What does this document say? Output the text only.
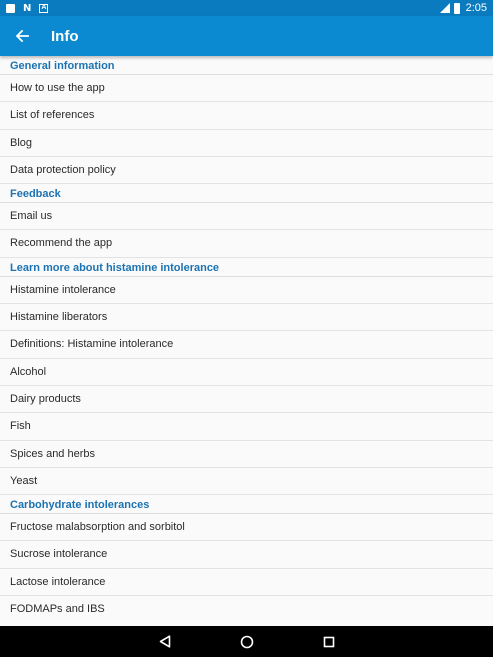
N A	2:05
Info
General information
How to use the app
List of references
Blog
Data protection policy
Feedback
Email us
Recommend the app
Learn more about histamine intolerance
Histamine intolerance
Histamine liberators
Definitions: Histamine intolerance
Alcohol
Dairy products
Fish
Spices and herbs
Yeast
Carbohydrate intolerances
Fructose malabsorption and sorbitol
Sucrose intolerance
Lactose intolerance
FODMAPs and IBS
